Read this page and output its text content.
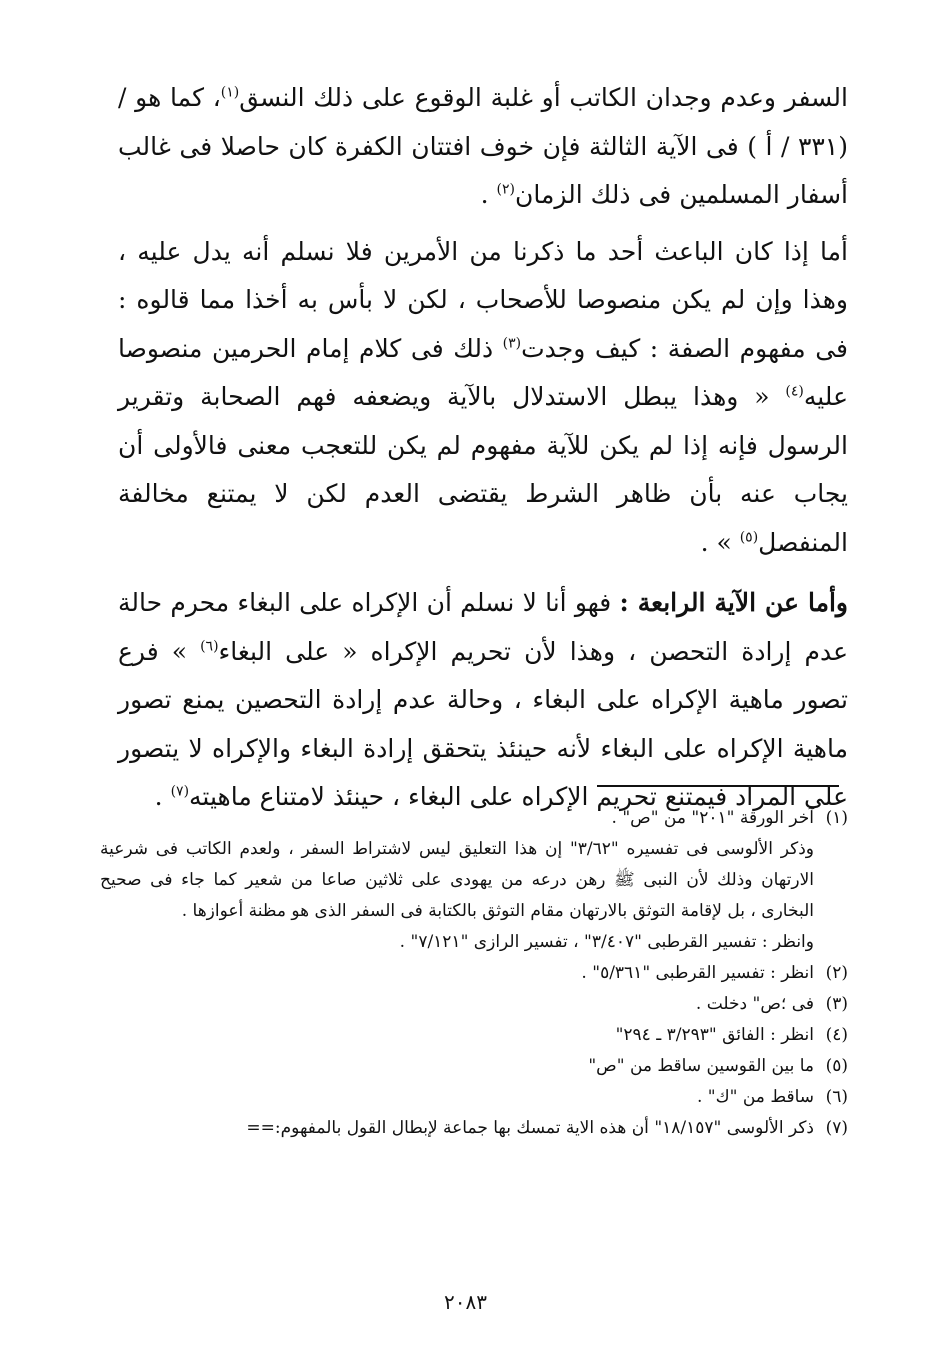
السفر وعدم وجدان الكاتب أو غلبة الوقوع على ذلك النسق$^{(١)}$، كما هو / (٣٣١ / أ ) فى الآية الثالثة فإن خوف افتتان الكفرة كان حاصلا فى غالب أسفار المسلمين فى ذلك الزمان$^{(٢)}$ .

أما إذا كان الباعث أحد ما ذكرنا من الأمرين فلا نسلم أنه يدل عليه ، وهذا وإن لم يكن منصوصا للأصحاب ، لكن لا بأس به أخذا مما قالوه : فى مفهوم الصفة : كيف وجدت$^{(٣)}$ ذلك فى كلام إمام الحرمين منصوصا عليه$^{(٤)}$ « وهذا يبطل الاستدلال بالآية ويضعفه فهم الصحابة وتقرير الرسول فإنه إذا لم يكن للآية مفهوم لم يكن للتعجب معنى فالأولى أن يجاب عنه بأن ظاهر الشرط يقتضى العدم لكن لا يمتنع مخالفة المنفصل$^{(٥)}$ » .

وأما عن الآية الرابعة : فهو أنا لا نسلم أن الإكراه على البغاء محرم حالة عدم إرادة التحصن ، وهذا لأن تحريم الإكراه « على البغاء$^{(٦)}$ » فرع تصور ماهية الإكراه على البغاء ، وحالة عدم إرادة التحصين يمنع تصور ماهية الإكراه على البغاء لأنه حينئذ يتحقق إرادة البغاء والإكراه لا يتصور على المراد فيمتنع تحريم الإكراه على البغاء ، حينئذ لامتناع ماهيته$^{(٧)}$ .

(١)آخر الورقة "٢٠١" من "ص" .

وذكر الألوسى فى تفسيره "٣/٦٢" إن هذا التعليق ليس لاشتراط السفر ، ولعدم الكاتب فى شرعية الارتهان وذلك لأن النبى ﷺ رهن درعه من يهودى على ثلاثين صاعا من شعير كما جاء فى صحيح البخارى ، بل لإقامة التوثق بالارتهان مقام التوثق بالكتابة فى السفر الذى هو مظنة أعوازها .

وانظر : تفسير القرطبى "٣/٤٠٧" ، تفسير الرازى "٧/١٢١" .

(٢)انظر : تفسير القرطبى "٥/٣٦١" .

(٣)فى ؛ص" دخلت .

(٤)انظر : الفائق "٣/٢٩٣ ـ ٢٩٤"

(٥)ما بين القوسين ساقط من "ص"

(٦)ساقط من "ك" .

(٧)ذكر الألوسى "١٨/١٥٧" أن هذه الاية تمسك بها جماعة لإبطال القول بالمفهوم:==

٢٠٨٣
